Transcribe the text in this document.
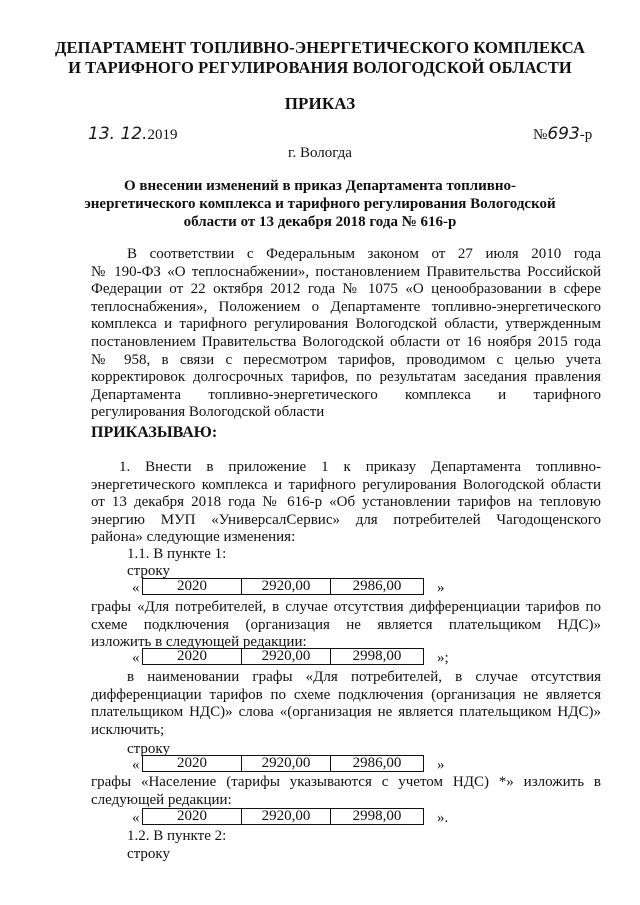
ДЕПАРТАМЕНТ ТОПЛИВНО-ЭНЕРГЕТИЧЕСКОГО КОМПЛЕКСА
И ТАРИФНОГО РЕГУЛИРОВАНИЯ ВОЛОГОДСКОЙ ОБЛАСТИ
ПРИКАЗ
13. 12.2019	№693-р
г. Вологда
О внесении изменений в приказ Департамента топливно-
энергетического комплекса и тарифного регулирования Вологодской
области от 13 декабря 2018 года № 616-р
В соответствии с Федеральным законом от 27 июля 2010 года
№ 190-ФЗ «О теплоснабжении», постановлением Правительства Российской
Федерации от 22 октября 2012 года № 1075 «О ценообразовании в сфере
теплоснабжения», Положением о Департаменте топливно-энергетического
комплекса и тарифного регулирования Вологодской области, утвержденным
постановлением Правительства Вологодской области от 16 ноября 2015 года
№ 958, в связи с пересмотром тарифов, проводимом с целью учета
корректировок долгосрочных тарифов, по результатам заседания правления
Департамента топливно-энергетического комплекса и тарифного
регулирования Вологодской области
ПРИКАЗЫВАЮ:
1. Внести в приложение 1 к приказу Департамента топливно-
энергетического комплекса и тарифного регулирования Вологодской области
от 13 декабря 2018 года № 616-р «Об установлении тарифов на тепловую
энергию МУП «УниверсалСервис» для потребителей Чагодощенского
района» следующие изменения:
1.1. В пункте 1:
строку
«	2020	2920,00	2986,00 »
графы «Для потребителей, в случае отсутствия дифференциации тарифов по
схеме подключения (организация не является плательщиком НДС)»
изложить в следующей редакции:
«	2020	2920,00	2998,00 »;
в наименовании графы «Для потребителей, в случае отсутствия
дифференциации тарифов по схеме подключения (организация не является
плательщиком НДС)» слова «(организация не является плательщиком НДС)»
исключить;
строку
«	2020	2920,00	2986,00 »
графы «Население (тарифы указываются с учетом НДС) *» изложить в
следующей редакции:
«	2020	2920,00	2998,00 ».
1.2. В пункте 2:
строку
